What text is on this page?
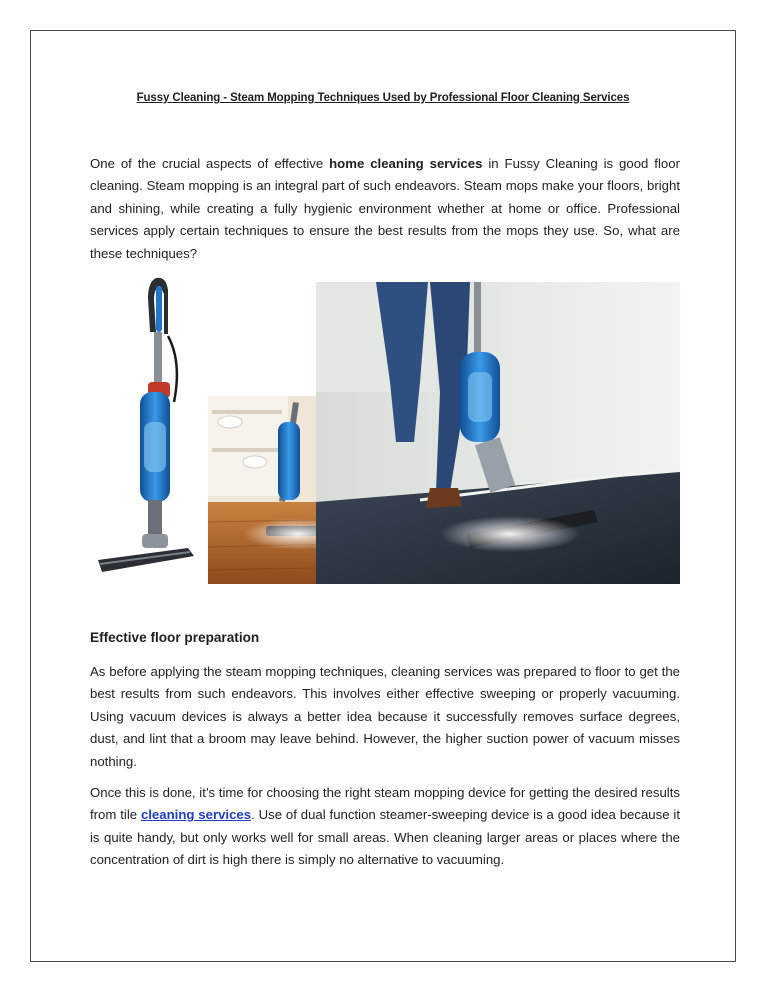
Fussy Cleaning - Steam Mopping Techniques Used by Professional Floor Cleaning Services

One of the crucial aspects of effective home cleaning services in Fussy Cleaning is good floor cleaning. Steam mopping is an integral part of such endeavors. Steam mops make your floors, bright and shining, while creating a fully hygienic environment whether at home or office. Professional services apply certain techniques to ensure the best results from the mops they use. So, what are these techniques?

Effective floor preparation

As before applying the steam mopping techniques, cleaning services was prepared to floor to get the best results from such endeavors. This involves either effective sweeping or properly vacuuming. Using vacuum devices is always a better idea because it successfully removes surface degrees, dust, and lint that a broom may leave behind. However, the higher suction power of vacuum misses nothing.

Once this is done, it’s time for choosing the right steam mopping device for getting the desired results from tile cleaning services. Use of dual function steamer-sweeping device is a good idea because it is quite handy, but only works well for small areas. When cleaning larger areas or places where the concentration of dirt is high there is simply no alternative to vacuuming.
